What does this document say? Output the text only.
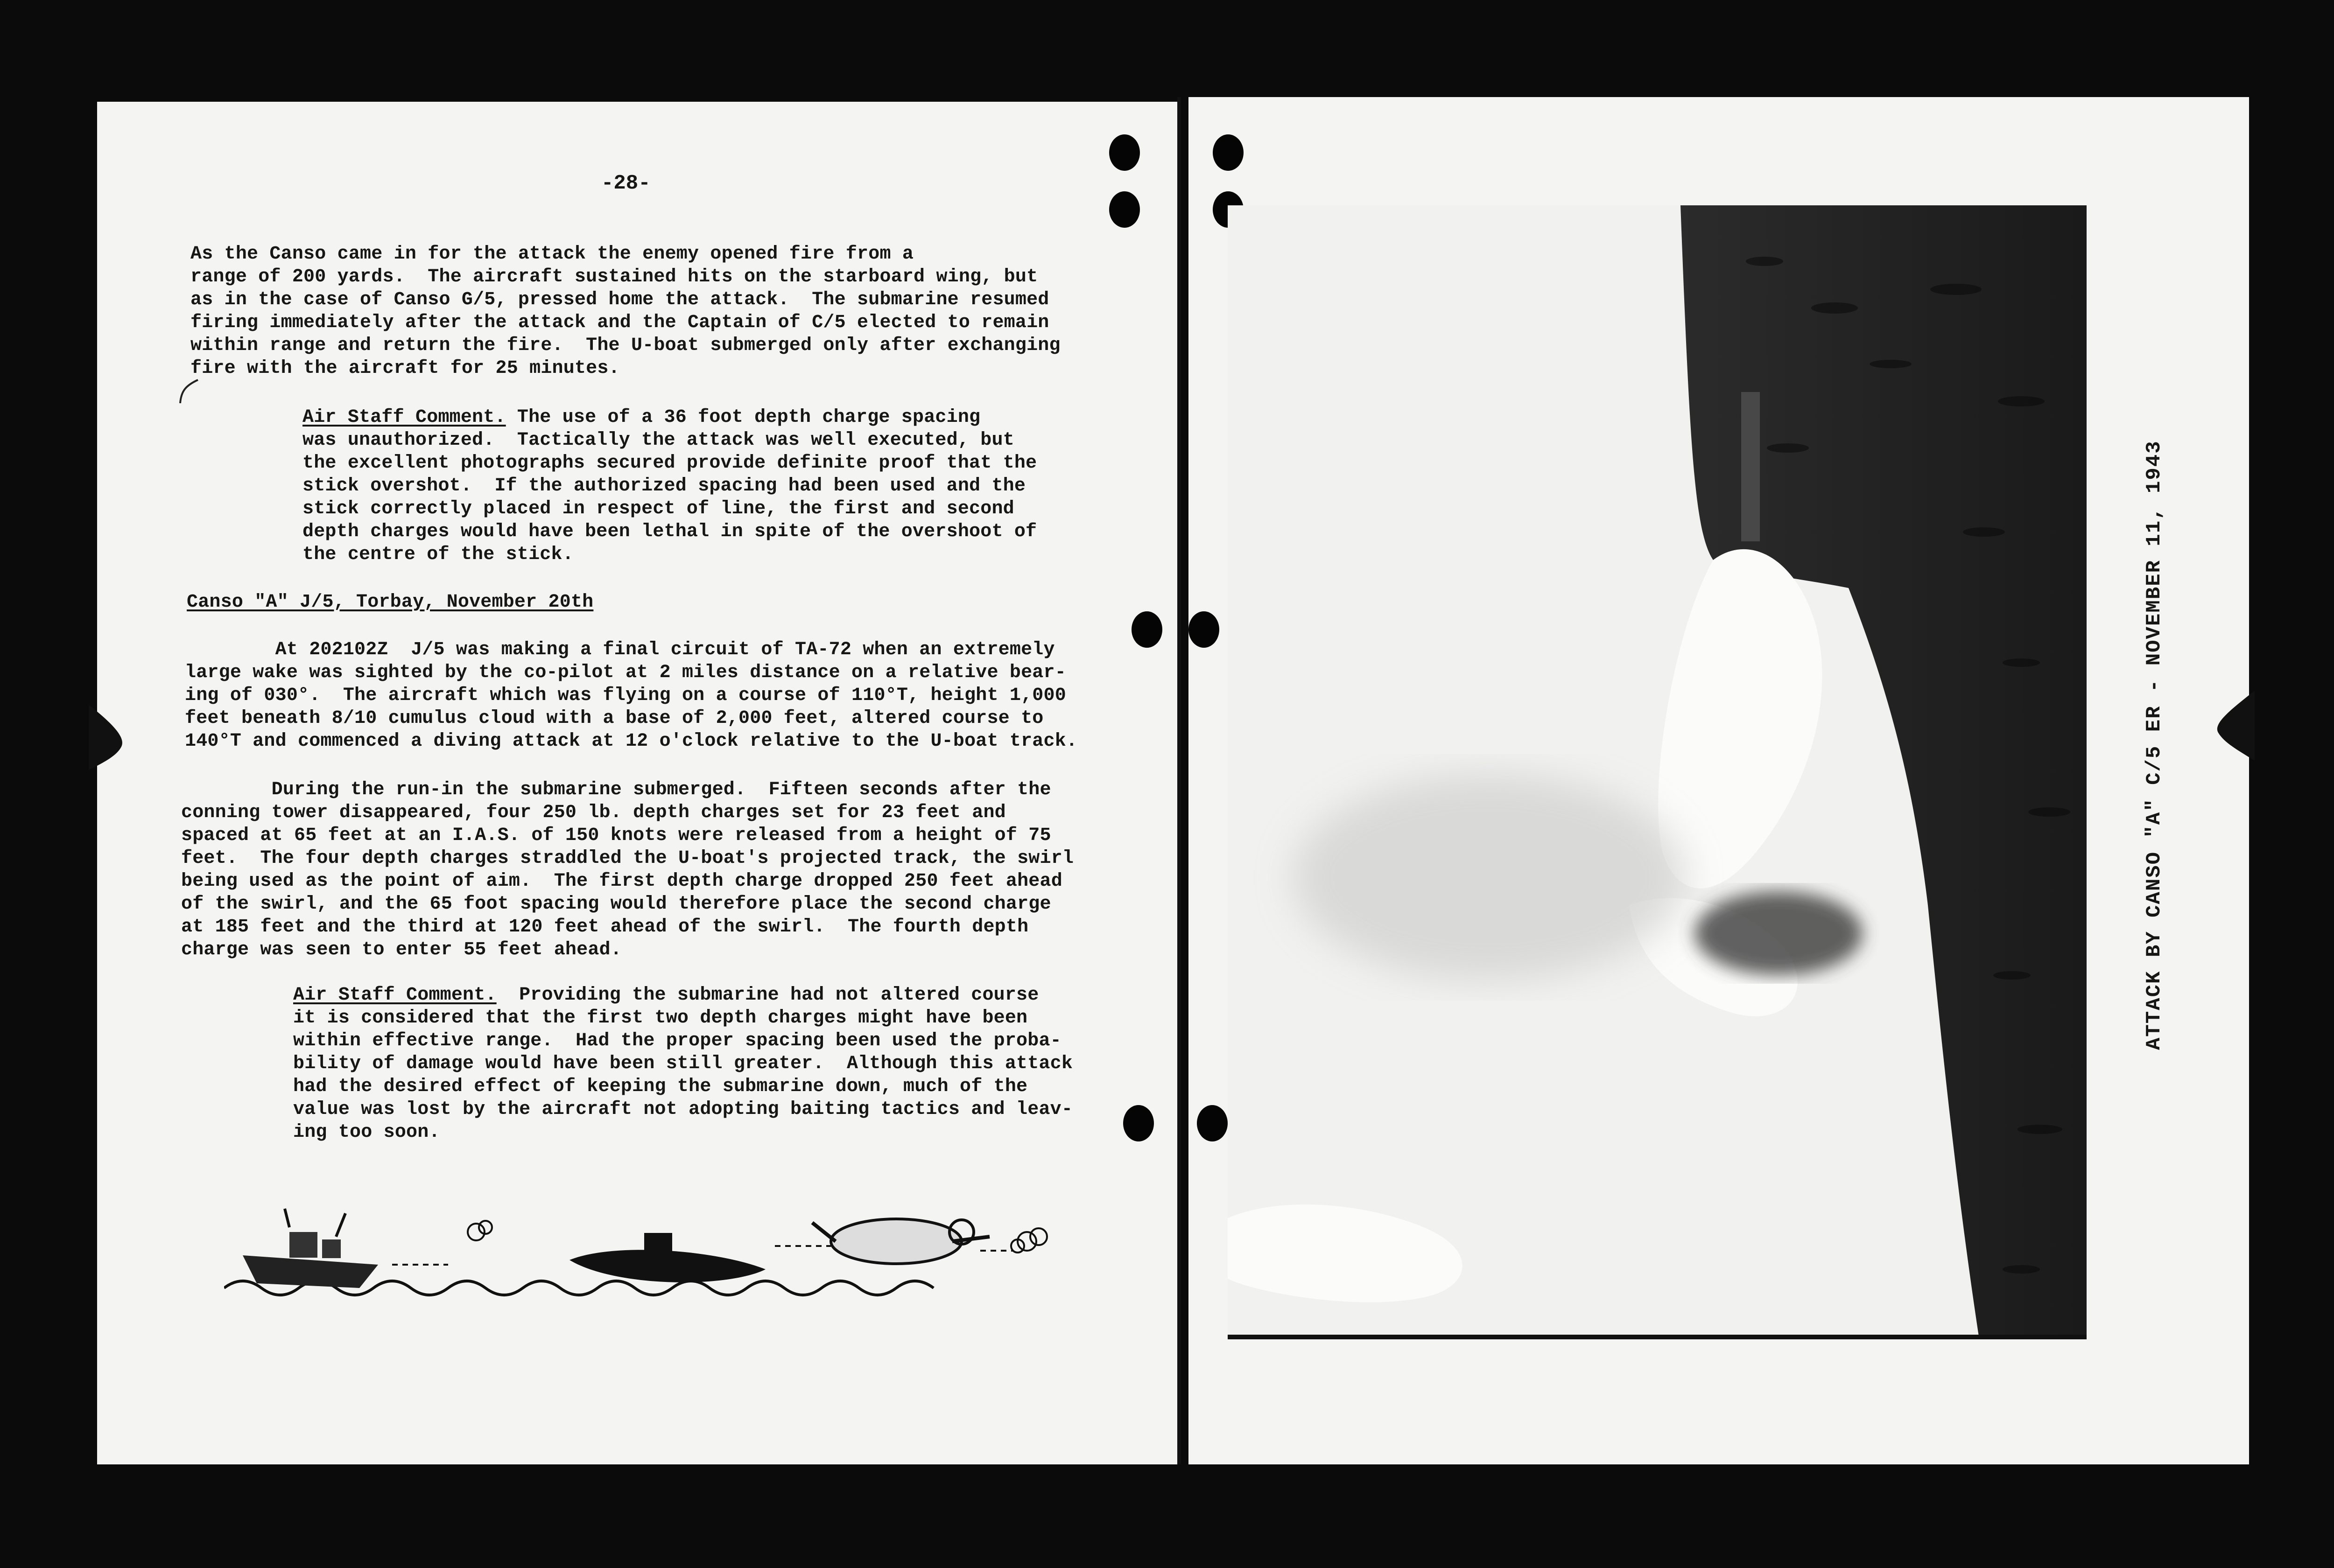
-28-

As the Canso came in for the attack the enemy opened fire from a
range of 200 yards.  The aircraft sustained hits on the starboard wing, but
as in the case of Canso G/5, pressed home the attack.  The submarine resumed
firing immediately after the attack and the Captain of C/5 elected to remain
within range and return the fire.  The U-boat submerged only after exchanging
fire with the aircraft for 25 minutes.

Air Staff Comment. The use of a 36 foot depth charge spacing
was unauthorized.  Tactically the attack was well executed, but
the excellent photographs secured provide definite proof that the
stick overshot.  If the authorized spacing had been used and the
stick correctly placed in respect of line, the first and second
depth charges would have been lethal in spite of the overshoot of
the centre of the stick.

Canso "A" J/5, Torbay, November 20th

At 202102Z  J/5 was making a final circuit of TA-72 when an extremely
large wake was sighted by the co-pilot at 2 miles distance on a relative bear-
ing of 030°.  The aircraft which was flying on a course of 110°T, height 1,000
feet beneath 8/10 cumulus cloud with a base of 2,000 feet, altered course to
140°T and commenced a diving attack at 12 o'clock relative to the U-boat track.

During the run-in the submarine submerged.  Fifteen seconds after the
conning tower disappeared, four 250 lb. depth charges set for 23 feet and
spaced at 65 feet at an I.A.S. of 150 knots were released from a height of 75
feet.  The four depth charges straddled the U-boat's projected track, the swirl
being used as the point of aim.  The first depth charge dropped 250 feet ahead
of the swirl, and the 65 foot spacing would therefore place the second charge
at 185 feet and the third at 120 feet ahead of the swirl.  The fourth depth
charge was seen to enter 55 feet ahead.

Air Staff Comment.  Providing the submarine had not altered course
it is considered that the first two depth charges might have been
within effective range.  Had the proper spacing been used the proba-
bility of damage would have been still greater.  Although this attack
had the desired effect of keeping the submarine down, much of the
value was lost by the aircraft not adopting baiting tactics and leav-
ing too soon.

ATTACK BY CANSO "A" C/5 ER - NOVEMBER 11, 1943
